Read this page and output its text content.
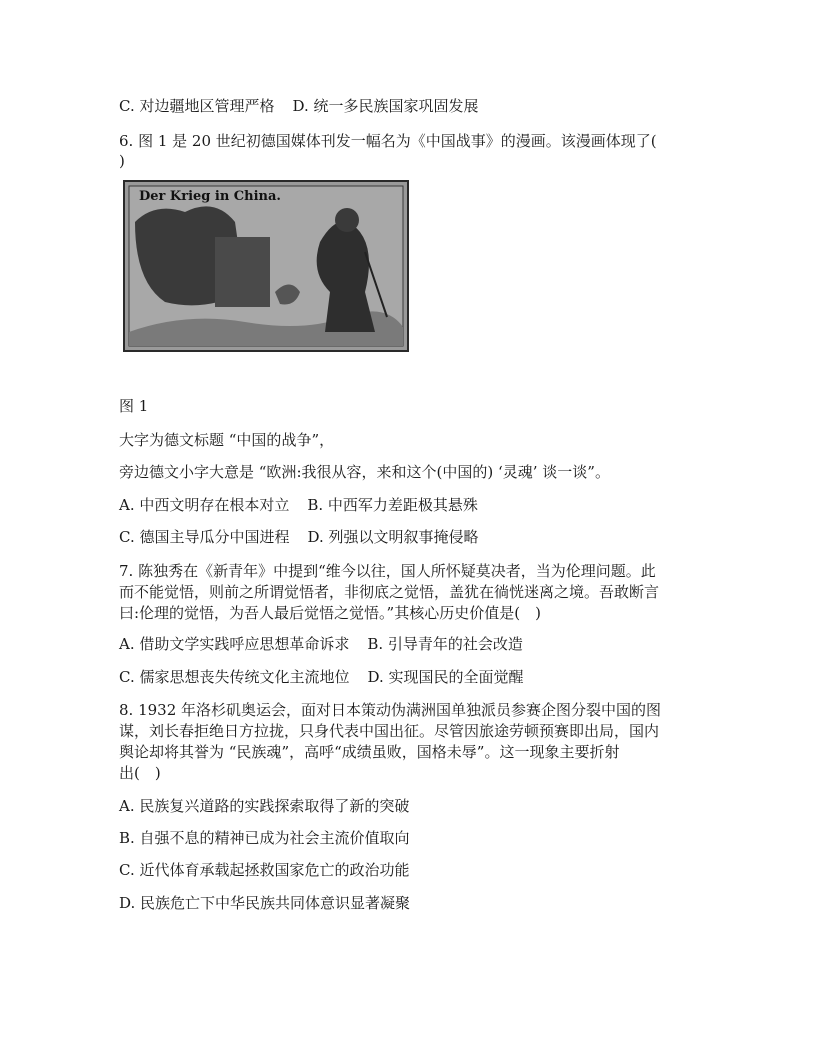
C. 对边疆地区管理严格 D. 统一多民族国家巩固发展
6. 图 1 是 20 世纪初德国媒体刊发一幅名为《中国战事》的漫画。该漫画体现了(
)
Der Krieg in China.
图 1
大字为德文标题 “中国的战争”，
旁边德文小字大意是 “欧洲:我很从容，来和这个(中国的) ‘灵魂’ 谈一谈”。
A. 中西文明存在根本对立 B. 中西军力差距极其悬殊
C. 德国主导瓜分中国进程 D. 列强以文明叙事掩侵略
7. 陈独秀在《新青年》中提到“维今以往，国人所怀疑莫决者，当为伦理问题。此
而不能觉悟，则前之所谓觉悟者，非彻底之觉悟，盖犹在徜恍迷离之境。吾敢断言
曰:伦理的觉悟，为吾人最后觉悟之觉悟。”其核心历史价值是(　)
A. 借助文学实践呼应思想革命诉求 B. 引导青年的社会改造
C. 儒家思想丧失传统文化主流地位 D. 实现国民的全面觉醒
8. 1932 年洛杉矶奥运会，面对日本策动伪满洲国单独派员参赛企图分裂中国的图
谋，刘长春拒绝日方拉拢，只身代表中国出征。尽管因旅途劳顿预赛即出局，国内
舆论却将其誉为 “民族魂”，高呼“成绩虽败，国格未辱”。这一现象主要折射
出(　)
A. 民族复兴道路的实践探索取得了新的突破
B. 自强不息的精神已成为社会主流价值取向
C. 近代体育承载起拯救国家危亡的政治功能
D. 民族危亡下中华民族共同体意识显著凝聚
